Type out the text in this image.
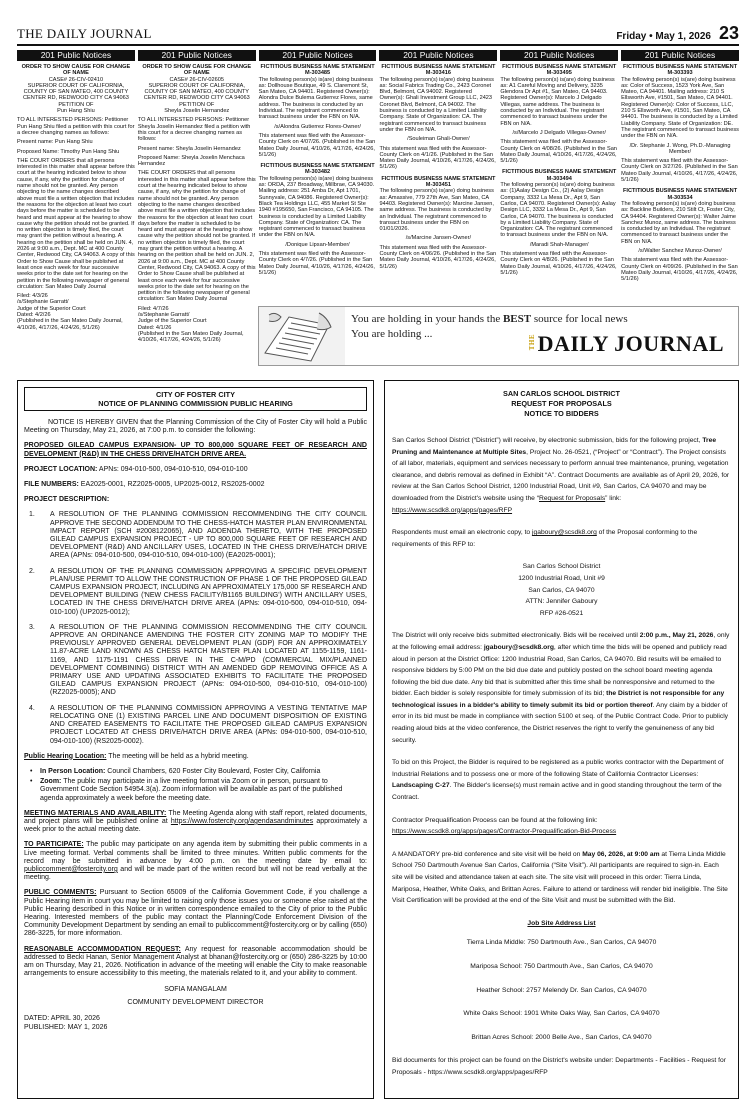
THE DAILY JOURNAL	Friday • May 1, 2026 23
201 Public Notices
ORDER TO SHOW CAUSE FOR CHANGE OF NAME
CASE# 26-CIV-02410
SUPERIOR COURT OF CALIFORNIA, COUNTY OF SAN MATEO, 400 COUNTY CENTER RD, REDWOOD CITY CA 94063
PETITION OF

Pun Hang Shiu

TO ALL INTERESTED PERSONS: Petitioner Pun Hang Shiu filed a petition with this court for a decree changing names as follows:

Present name: Pun Hang Shiu

Proposed Name: Timothy Pun Hang Shiu

THE COURT ORDERS that all persons interested in this matter shall appear before this court at the hearing indicated below to show cause, if any, why the petition for change of name should not be granted. Any person objecting to the name changes described above must file a written objection that includes the reasons for the objection at least two court days before the matter is scheduled to be heard and must appear at the hearing to show cause why the petition should not be granted. If no written objection is timely filed, the court may grant the petition without a hearing. A hearing on the petition shall be held on JUN. 4, 2026 at 9:00 a.m., Dept. MC at 400 County Center, Redwood City, CA 94063. A copy of this Order to Show Cause shall be published at least once each week for four successive weeks prior to the date set for hearing on the petition in the following newspaper of general circulation: San Mateo Daily Journal

Filed: 4/3/26
/s/Stephanie Garratt/
Judge of the Superior Court
Dated: 4/2/26
(Published in the San Mateo Daily Journal, 4/10/26, 4/17/26, 4/24/26, 5/1/26)

201 Public Notices
ORDER TO SHOW CAUSE FOR CHANGE OF NAME
CASE# 26-CIV-02605
SUPERIOR COURT OF CALIFORNIA, COUNTY OF SAN MATEO, 400 COUNTY CENTER RD, REDWOOD CITY CA 94063
PETITION OF

Sheyla Joselin Hernandez

TO ALL INTERESTED PERSONS: Petitioner Sheyla Joselin Hernandez filed a petition with this court for a decree changing names as follows:

Present name: Sheyla Joselin Hernandez

Proposed Name: Sheyla Joselin Menchaca Hernandez

THE COURT ORDERS that all persons interested in this matter shall appear before this court at the hearing indicated below to show cause, if any, why the petition for change of name should not be granted. Any person objecting to the name changes described above must file a written objection that includes the reasons for the objection at least two court days before the matter is scheduled to be heard and must appear at the hearing to show cause why the petition should not be granted. If no written objection is timely filed, the court may grant the petition without a hearing. A hearing on the petition shall be held on JUN. 2, 2026 at 9:00 a.m., Dept. MC at 400 County Center, Redwood City, CA 94063. A copy of this Order to Show Cause shall be published at least once each week for four successive weeks prior to the date set for hearing on the petition in the following newspaper of general circulation: San Mateo Daily Journal

Filed: 4/7/26
/s/Stephanie Garratt/
Judge of the Superior Court
Dated: 4/1/26
(Published in the San Mateo Daily Journal, 4/10/26, 4/17/26, 4/24/26, 5/1/26)

201 Public Notices
FICTITIOUS BUSINESS NAME STATEMENT M-303485

The following person(s) is(are) doing business as: Dollhouse Boutique, 49 S. Claremont St, San Mateo, CA 94401. Registered Owner(s): Alondra Dulce Bulema Gutierrez Flores, same address. The business is conducted by an Individual. The registrant commenced to transact business under the FBN on N/A.

/s/Alondra Gutierrez Flores-Owner/

This statement was filed with the Assessor-County Clerk on 4/07/26. (Published in the San Mateo Daily Journal, 4/10/26, 4/17/26, 4/24/26, 5/1/26)

FICTITIOUS BUSINESS NAME STATEMENT M-303482

The following person(s) is(are) doing business as: ORDA, 237 Broadway, Millbrae, CA 94030. Mailing address: 251 Amba Dr, Apt 1701, Sunnyvale, CA 94086. Registered Owner(s): Black Tea Holdings LLC, 455 Market St Ste 1940 #195650, San Francisco, CA 94105. The business is conducted by a Limited Liability Company. State of Organization: CA. The registrant commenced to transact business under the FBN on N/A.

/Donique Lipsan-Member/

This statement was filed with the Assessor-County Clerk on 4/7/26. (Published in the San Mateo Daily Journal, 4/10/26, 4/17/26, 4/24/26, 5/1/26)

201 Public Notices
FICTITIOUS BUSINESS NAME STATEMENT M-303416

The following person(s) is(are) doing business as: Social Fabrics Trading Co., 2423 Coronet Blvd, Belmont, CA 94002. Registered Owner(s): Ghali Investment Group LLC, 2423 Coronet Blvd, Belmont, CA 94002. The business is conducted by a Limited Liability Company. State of Organization: CA. The registrant commenced to transact business under the FBN on N/A.

/Souleiman Ghali-Owner/

This statement was filed with the Assessor-County Clerk on 4/1/26. (Published in the San Mateo Daily Journal, 4/10/26, 4/17/26, 4/24/26, 5/1/26)

FICTITIOUS BUSINESS NAME STATEMENT M-303451

The following person(s) is(are) doing business as: Amassive, 779 27th Ave, San Mateo, CA 94403. Registered Owner(s): Marcine Jansen, same address. The business is conducted by an Individual. The registrant commenced to transact business under the FBN on 01/01/2026.

/s/Marcine Jansen-Owner/

This statement was filed with the Assessor-County Clerk on 4/06/26. (Published in the San Mateo Daily Journal, 4/10/26, 4/17/26, 4/24/26, 5/1/26)

201 Public Notices
FICTITIOUS BUSINESS NAME STATEMENT M-303495

The following person(s) is(are) doing business as: A1 Careful Moving and Delivery, 3235 Glendora Dr Apt #1, San Mateo, CA 94403. Registered Owner(s): Marcelo J Delgado Villegas, same address. The business is conducted by an Individual. The registrant commenced to transact business under the FBN on N/A.

/s/Marcelo J Delgado Villegas-Owner/

This statement was filed with the Assessor-County Clerk on 4/08/26. (Published in the San Mateo Daily Journal, 4/10/26, 4/17/26, 4/24/26, 5/1/26)

FICTITIOUS BUSINESS NAME STATEMENT M-303494

The following person(s) is(are) doing business as: (1)Aalay Design Co., (2) Aalay Design Company, 3332 La Mesa Dr., Apt 9, San Carlos, CA 94070. Registered Owner(s): Aalay Design LLC, 3332 La Mesa Dr., Apt 9, San Carlos, CA 94070. The business is conducted by a Limited Liability Company. State of Organization: CA. The registrant commenced to transact business under the FBN on N/A.

/Maradi Shah-Manager/

This statement was filed with the Assessor-County Clerk on 4/8/26. (Published in the San Mateo Daily Journal, 4/10/26, 4/17/26, 4/24/26, 5/1/26)

201 Public Notices
FICTITIOUS BUSINESS NAME STATEMENT M-303393

The following person(s) is(are) doing business as: Color of Success, 1523 York Ave, San Mateo, CA 94401. Mailing address: 210 S Ellsworth Ave, #1501, San Mateo, CA 94401. Registered Owner(s): Color of Success, LLC, 210 S Ellsworth Ave, #1501, San Mateo, CA 94401. The business is conducted by a Limited Liability Company. State of Organization: DE. The registrant commenced to transact business under the FBN on N/A.

/Dr. Stephanie J. Wong, Ph.D.-Managing Member/

This statement was filed with the Assessor-County Clerk on 3/27/26. (Published in the San Mateo Daily Journal, 4/10/26, 4/17/26, 4/24/26, 5/1/26)

FICTITIOUS BUSINESS NAME STATEMENT M-303534

The following person(s) is(are) doing business as: Backline Builders, 210 Stilt Ct, Foster City, CA 94404. Registered Owner(s): Walter Jaime Sanchez Munoz, same address. The business is conducted by an Individual. The registrant commenced to transact business under the FBN on N/A.

/s/Walter Sanchez Munoz-Owner/

This statement was filed with the Assessor-County Clerk on 4/09/26. (Published in the San Mateo Daily Journal, 4/10/26, 4/17/26, 4/24/26, 5/1/26)

You are holding in your hands the BEST source for local news
You are holding ...	THE DAILY JOURNAL
CITY OF FOSTER CITY
NOTICE OF PLANNING COMMISSION PUBLIC HEARING

NOTICE IS HEREBY GIVEN that the Planning Commission of the City of Foster City will hold a Public Meeting on Thursday, May 21, 2026, at 7:00 p.m. to consider the following:

PROPOSED GILEAD CAMPUS EXPANSION- UP TO 800,000 SQUARE FEET OF RESEARCH AND DEVELOPMENT (R&D) IN THE CHESS DRIVE/HATCH DRIVE AREA.

PROJECT LOCATION: APNs: 094-010-500, 094-010-510, 094-010-100

FILE NUMBERS: EA2025-0001, RZ2025-0005, UP2025-0012, RS2025-0002

PROJECT DESCRIPTION:

1.	A RESOLUTION OF THE PLANNING COMMISSION RECOMMENDING THE CITY COUNCIL APPROVE THE SECOND ADDENDUM TO THE CHESS-HATCH MASTER PLAN ENVIRONMENTAL IMPACT REPORT (SCH #2008122065), AND ADDENDA THERETO, WITH THE PROPOSED GILEAD CAMPUS EXPANSION PROJECT - UP TO 800,000 SQUARE FEET OF RESEARCH AND DEVELOPMENT (R&D) AND ANCILLARY USES, LOCATED IN THE CHESS DRIVE/HATCH DRIVE AREA (APNs: 094-010-500, 094-010-510, 094-010-100) (EA2025-0001);
2.	A RESOLUTION OF THE PLANNING COMMISSION APPROVING A SPECIFIC DEVELOPMENT PLAN/USE PERMIT TO ALLOW THE CONSTRUCTION OF PHASE 1 OF THE PROPOSED GILEAD CAMPUS EXPANSION PROJECT, INCLUDING AN APPROXIMATELY 175,000 SF RESEARCH AND DEVELOPMENT BUILDING ('NEW CHESS FACILITY/B1165 BUILDING') WITH ANCILLARY USES, LOCATED IN THE CHESS DRIVE/HATCH DRIVE AREA (APNs: 094-010-500, 094-010-510, 094-010-100) (UP2025-0012);
3.	A RESOLUTION OF THE PLANNING COMMISSION RECOMMENDING THE CITY COUNCIL APPROVE AN ORDINANCE AMENDING THE FOSTER CITY ZONING MAP TO MODIFY THE PREVIOUSLY APPROVED GENERAL DEVELOPMENT PLAN (GDP) FOR AN APPROXIMATELY 11.87-ACRE LAND KNOWN AS CHESS HATCH MASTER PLAN LOCATED AT 1155-1159, 1161-1169, AND 1175-1191 CHESS DRIVE IN THE C-M/PD (COMMERCIAL MIX/PLANNED DEVELOPMENT COMBINING) DISTRICT WITH AN AMENDED GDP REMOVING OFFICE AS A PRIMARY USE AND UPDATING ASSOCIATED EXHIBITS TO FACILITATE THE PROPOSED GILEAD CAMPUS EXPANSION PROJECT (APNs: 094-010-500, 094-010-510, 094-010-100) (RZ2025-0005); AND
4.	A RESOLUTION OF THE PLANNING COMMISSION APPROVING A VESTING TENTATIVE MAP RELOCATING ONE (1) EXISTING PARCEL LINE AND DOCUMENT DISPOSITION OF EXISTING AND CREATED EASEMENTS TO FACILITATE THE PROPOSED GILEAD CAMPUS EXPANSION PROJECT LOCATED AT CHESS DRIVE/HATCH DRIVE AREA (APNs: 094-010-500, 094-010-510, 094-010-100) (RS2025-0002).

Public Hearing Location: The meeting will be held as a hybrid meeting.

•	In Person Location: Council Chambers, 620 Foster City Boulevard, Foster City, California
•	Zoom: The public may participate in a live meeting format via Zoom or in person, pursuant to Government Code Section 54954.3(a). Zoom information will be available as part of the published agenda approximately a week before the meeting date.

MEETING MATERIALS AND AVAILABILITY: The Meeting Agenda along with staff report, related documents, and project plans will be published online at https://www.fostercity.org/agendasandminutes approximately a week prior to the actual meeting date.

TO PARTICIPATE: The public may participate on any agenda item by submitting their public comments in a Live meeting format. Verbal comments shall be limited to three minutes. Written public comments for the record may be submitted in advance by 4:00 p.m. on the meeting date by email to: publiccomment@fostercity.org and will be made part of the written record but will not be read verbally at the meeting.

PUBLIC COMMENTS: Pursuant to Section 65009 of the California Government Code, if you challenge a Public Hearing item in court you may be limited to raising only those issues you or someone else raised at the Public Hearing described in this Notice or in written correspondence emailed to the City of prior to the Public Hearing. Interested members of the public may contact the Planning/Code Enforcement Division of the Community Development Department by sending an email to publiccomment@fostercity.org or by calling (650) 286-3225, for more information.

REASONABLE ACCOMMODATION REQUEST: Any request for reasonable accommodation should be addressed to Becki Hanan, Senior Management Analyst at bhanan@fostercity.org or (650) 286-3225 by 10:00 am on Thursday, May 21, 2026. Notification in advance of the meeting will enable the City to make reasonable arrangements to ensure accessibility to this meeting, the materials related to it, and your ability to comment.

SOFIA MANGALAM
COMMUNITY DEVELOPMENT DIRECTOR
DATED: APRIL 30, 2026
PUBLISHED: MAY 1, 2026
SAN CARLOS SCHOOL DISTRICT
REQUEST FOR PROPOSALS
NOTICE TO BIDDERS

San Carlos School District (“District”) will receive, by electronic submission, bids for the following project, Tree Pruning and Maintenance at Multiple Sites, Project No. 26-0521, (“Project” or “Contract”). The Project consists of all labor, materials, equipment and services necessary to perform annual tree maintenance, pruning, vegetation clearance, and debris removal as defined in Exhibit “A”. Contract Documents are available as of April 29, 2026, for review at the San Carlos School District, 1200 Industrial Road, Unit #9, San Carlos, CA 94070 and may be downloaded from the District's website using the “Request for Proposals” link: https://www.scsdk8.org/apps/pages/RFP

Respondents must email an electronic copy, to jgaboury@scsdk8.org of the Proposal conforming to the requirements of this RFP to:

San Carlos School District
1200 Industrial Road, Unit #9
San Carlos, CA 94070
ATTN: Jennifer Gaboury
RFP #26-0521

The District will only receive bids submitted electronically. Bids will be received until 2:00 p.m., May 21, 2026, only at the following email address: jgaboury@scsdk8.org, after which time the bids will be opened and publicly read aloud in person at the District Office: 1200 Industrial Road, San Carlos, CA 94070. Bid results will be emailed to responsive bidders by 5:00 PM on the bid due date and publicly posted on the school board meeting agenda following the bid due date. Any bid that is submitted after this time shall be nonresponsive and returned to the bidder. Each bidder is solely responsible for timely submission of its bid; the District is not responsible for any technological issues in a bidder's ability to timely submit its bid or portion thereof. Any claim by a bidder of error in its bid must be made in compliance with section 5100 et seq. of the Public Contract Code. Prior to publicly reading aloud bids at the video conference, the District reserves the right to verify the genuineness of any bid security.

To bid on this Project, the Bidder is required to be registered as a public works contractor with the Department of Industrial Relations and to possess one or more of the following State of California Contractor Licenses: Landscaping C-27. The Bidder's license(s) must remain active and in good standing throughout the term of the Contract.

Contractor Prequalification Process can be found at the following link: https://www.scsdk8.org/apps/pages/Contractor-Prequalification-Bid-Process

A MANDATORY pre-bid conference and site visit will be held on May 06, 2026, at 9:00 am at Tierra Linda Middle School 750 Dartmouth Avenue San Carlos, California (“Site Visit”). All participants are required to sign-in. Each site will be visited and attendance taken at each site. The site visit will proceed in this order: Tierra Linda, Mariposa, Heather, White Oaks, and Brittan Acres. Failure to attend or tardiness will render bid ineligible. The Site Visit Certification will be provided at the end of the Site Visit and must be submitted with the Bid.

Job Site Address List
Tierra Linda Middle: 750 Dartmouth Ave., San Carlos, CA 94070
Mariposa School: 750 Dartmouth Ave., San Carlos, CA 94070
Heather School: 2757 Melendy Dr. San Carlos, CA 94070
White Oaks School: 1901 White Oaks Way, San Carlos, CA 94070
Brittan Acres School: 2000 Belle Ave., San Carlos, CA 94070

Bid documents for this project can be found on the District's website under: Departments - Facilities - Request for Proposals - https://www.scsdk8.org/apps/pages/RFP
